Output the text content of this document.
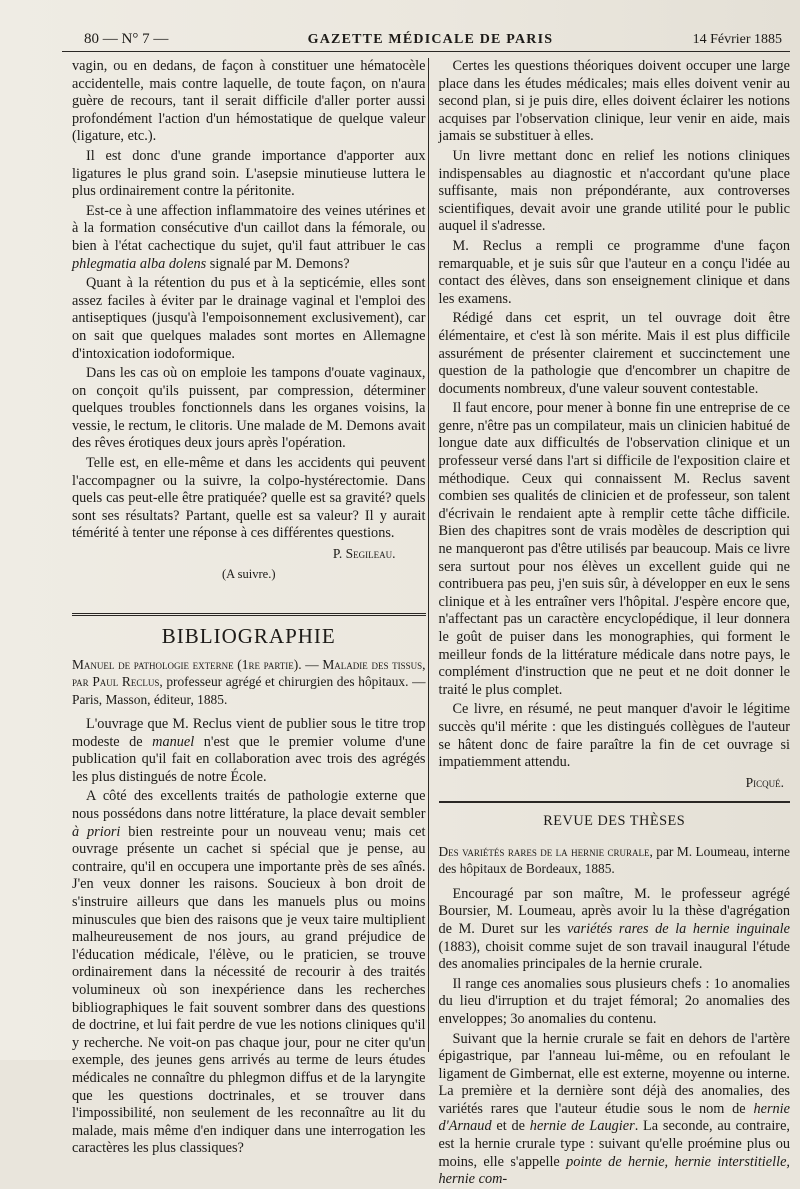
80 — N° 7 —	GAZETTE MÉDICALE DE PARIS	14 Février 1885

vagin, ou en dedans, de façon à constituer une hématocèle accidentelle, mais contre laquelle, de toute façon, on n'aura guère de recours, tant il serait difficile d'aller porter aussi profondément l'action d'un hémostatique de quelque valeur (ligature, etc.).

Il est donc d'une grande importance d'apporter aux ligatures le plus grand soin. L'asepsie minutieuse luttera le plus ordinairement contre la péritonite.

Est-ce à une affection inflammatoire des veines utérines et à la formation consécutive d'un caillot dans la fémorale, ou bien à l'état cachectique du sujet, qu'il faut attribuer le cas phlegmatia alba dolens signalé par M. Demons?

Quant à la rétention du pus et à la septicémie, elles sont assez faciles à éviter par le drainage vaginal et l'emploi des antiseptiques (jusqu'à l'empoisonnement exclusivement), car on sait que quelques malades sont mortes en Allemagne d'intoxication iodoformique.

Dans les cas où on emploie les tampons d'ouate vaginaux, on conçoit qu'ils puissent, par compression, déterminer quelques troubles fonctionnels dans les organes voisins, la vessie, le rectum, le clitoris. Une malade de M. Demons avait des rêves érotiques deux jours après l'opération.

Telle est, en elle-même et dans les accidents qui peuvent l'accompagner ou la suivre, la colpo-hystérectomie. Dans quels cas peut-elle être pratiquée? quelle est sa gravité? quels sont ses résultats? Partant, quelle est sa valeur? Il y aurait témérité à tenter une réponse à ces différentes questions.

P. Segileau.
(A suivre.)
BIBLIOGRAPHIE

Manuel de pathologie externe (1re partie). — Maladie des tissus, par Paul Reclus, professeur agrégé et chirurgien des hôpitaux. — Paris, Masson, éditeur, 1885.

L'ouvrage que M. Reclus vient de publier sous le titre trop modeste de manuel n'est que le premier volume d'une publication qu'il fait en collaboration avec trois des agrégés les plus distingués de notre École.

A côté des excellents traités de pathologie externe que nous possédons dans notre littérature, la place devait sembler à priori bien restreinte pour un nouveau venu; mais cet ouvrage présente un cachet si spécial que je pense, au contraire, qu'il en occupera une importante près de ses aînés. J'en veux donner les raisons. Soucieux à bon droit de s'instruire ailleurs que dans les manuels plus ou moins minuscules que bien des raisons que je veux taire multiplient malheureusement de nos jours, au grand préjudice de l'éducation médicale, l'élève, ou le praticien, se trouve ordinairement dans la nécessité de recourir à des traités volumineux où son inexpérience dans les recherches bibliographiques le fait souvent sombrer dans des questions de doctrine, et lui fait perdre de vue les notions cliniques qu'il y recherche. Ne voit-on pas chaque jour, pour ne citer qu'un exemple, des jeunes gens arrivés au terme de leurs études médicales ne connaître du phlegmon diffus et de la laryngite que les questions doctrinales, et se trouver dans l'impossibilité, non seulement de les reconnaître au lit du malade, mais même d'en indiquer dans une interrogation les caractères les plus classiques?

Certes les questions théoriques doivent occuper une large place dans les études médicales; mais elles doivent venir au second plan, si je puis dire, elles doivent éclairer les notions acquises par l'observation clinique, leur venir en aide, mais jamais se substituer à elles.

Un livre mettant donc en relief les notions cliniques indispensables au diagnostic et n'accordant qu'une place suffisante, mais non prépondérante, aux controverses scientifiques, devait avoir une grande utilité pour le public auquel il s'adresse.

M. Reclus a rempli ce programme d'une façon remarquable, et je suis sûr que l'auteur en a conçu l'idée au contact des élèves, dans son enseignement clinique et dans les examens.

Rédigé dans cet esprit, un tel ouvrage doit être élémentaire, et c'est là son mérite. Mais il est plus difficile assurément de présenter clairement et succinctement une question de la pathologie que d'encombrer un chapitre de documents nombreux, d'une valeur souvent contestable.

Il faut encore, pour mener à bonne fin une entreprise de ce genre, n'être pas un compilateur, mais un clinicien habitué de longue date aux difficultés de l'observation clinique et un professeur versé dans l'art si difficile de l'exposition claire et méthodique. Ceux qui connaissent M. Reclus savent combien ses qualités de clinicien et de professeur, son talent d'écrivain le rendaient apte à remplir cette tâche difficile. Bien des chapitres sont de vrais modèles de description qui ne manqueront pas d'être utilisés par beaucoup. Mais ce livre sera surtout pour nos élèves un excellent guide qui ne contribuera pas peu, j'en suis sûr, à développer en eux le sens clinique et à les entraîner vers l'hôpital. J'espère encore que, n'affectant pas un caractère encyclopédique, il leur donnera le goût de puiser dans les monographies, qui forment le meilleur fonds de la littérature médicale dans notre pays, le complément d'instruction que ne peut et ne doit donner le traité le plus complet.

Ce livre, en résumé, ne peut manquer d'avoir le légitime succès qu'il mérite : que les distingués collègues de l'auteur se hâtent donc de faire paraître la fin de cet ouvrage si impatiemment attendu.

Picqué.
REVUE DES THÈSES

Des variétés rares de la hernie crurale, par M. Loumeau, interne des hôpitaux de Bordeaux, 1885.

Encouragé par son maître, M. le professeur agrégé Boursier, M. Loumeau, après avoir lu la thèse d'agrégation de M. Duret sur les variétés rares de la hernie inguinale (1883), choisit comme sujet de son travail inaugural l'étude des anomalies principales de la hernie crurale.

Il range ces anomalies sous plusieurs chefs : 1o anomalies du lieu d'irruption et du trajet fémoral; 2o anomalies des enveloppes; 3o anomalies du contenu.

Suivant que la hernie crurale se fait en dehors de l'artère épigastrique, par l'anneau lui-même, ou en refoulant le ligament de Gimbernat, elle est externe, moyenne ou interne. La première et la dernière sont déjà des anomalies, des variétés rares que l'auteur étudie sous le nom de hernie d'Arnaud et de hernie de Laugier. La seconde, au contraire, est la hernie crurale type : suivant qu'elle proémine plus ou moins, elle s'appelle pointe de hernie, hernie interstitielle, hernie com-
